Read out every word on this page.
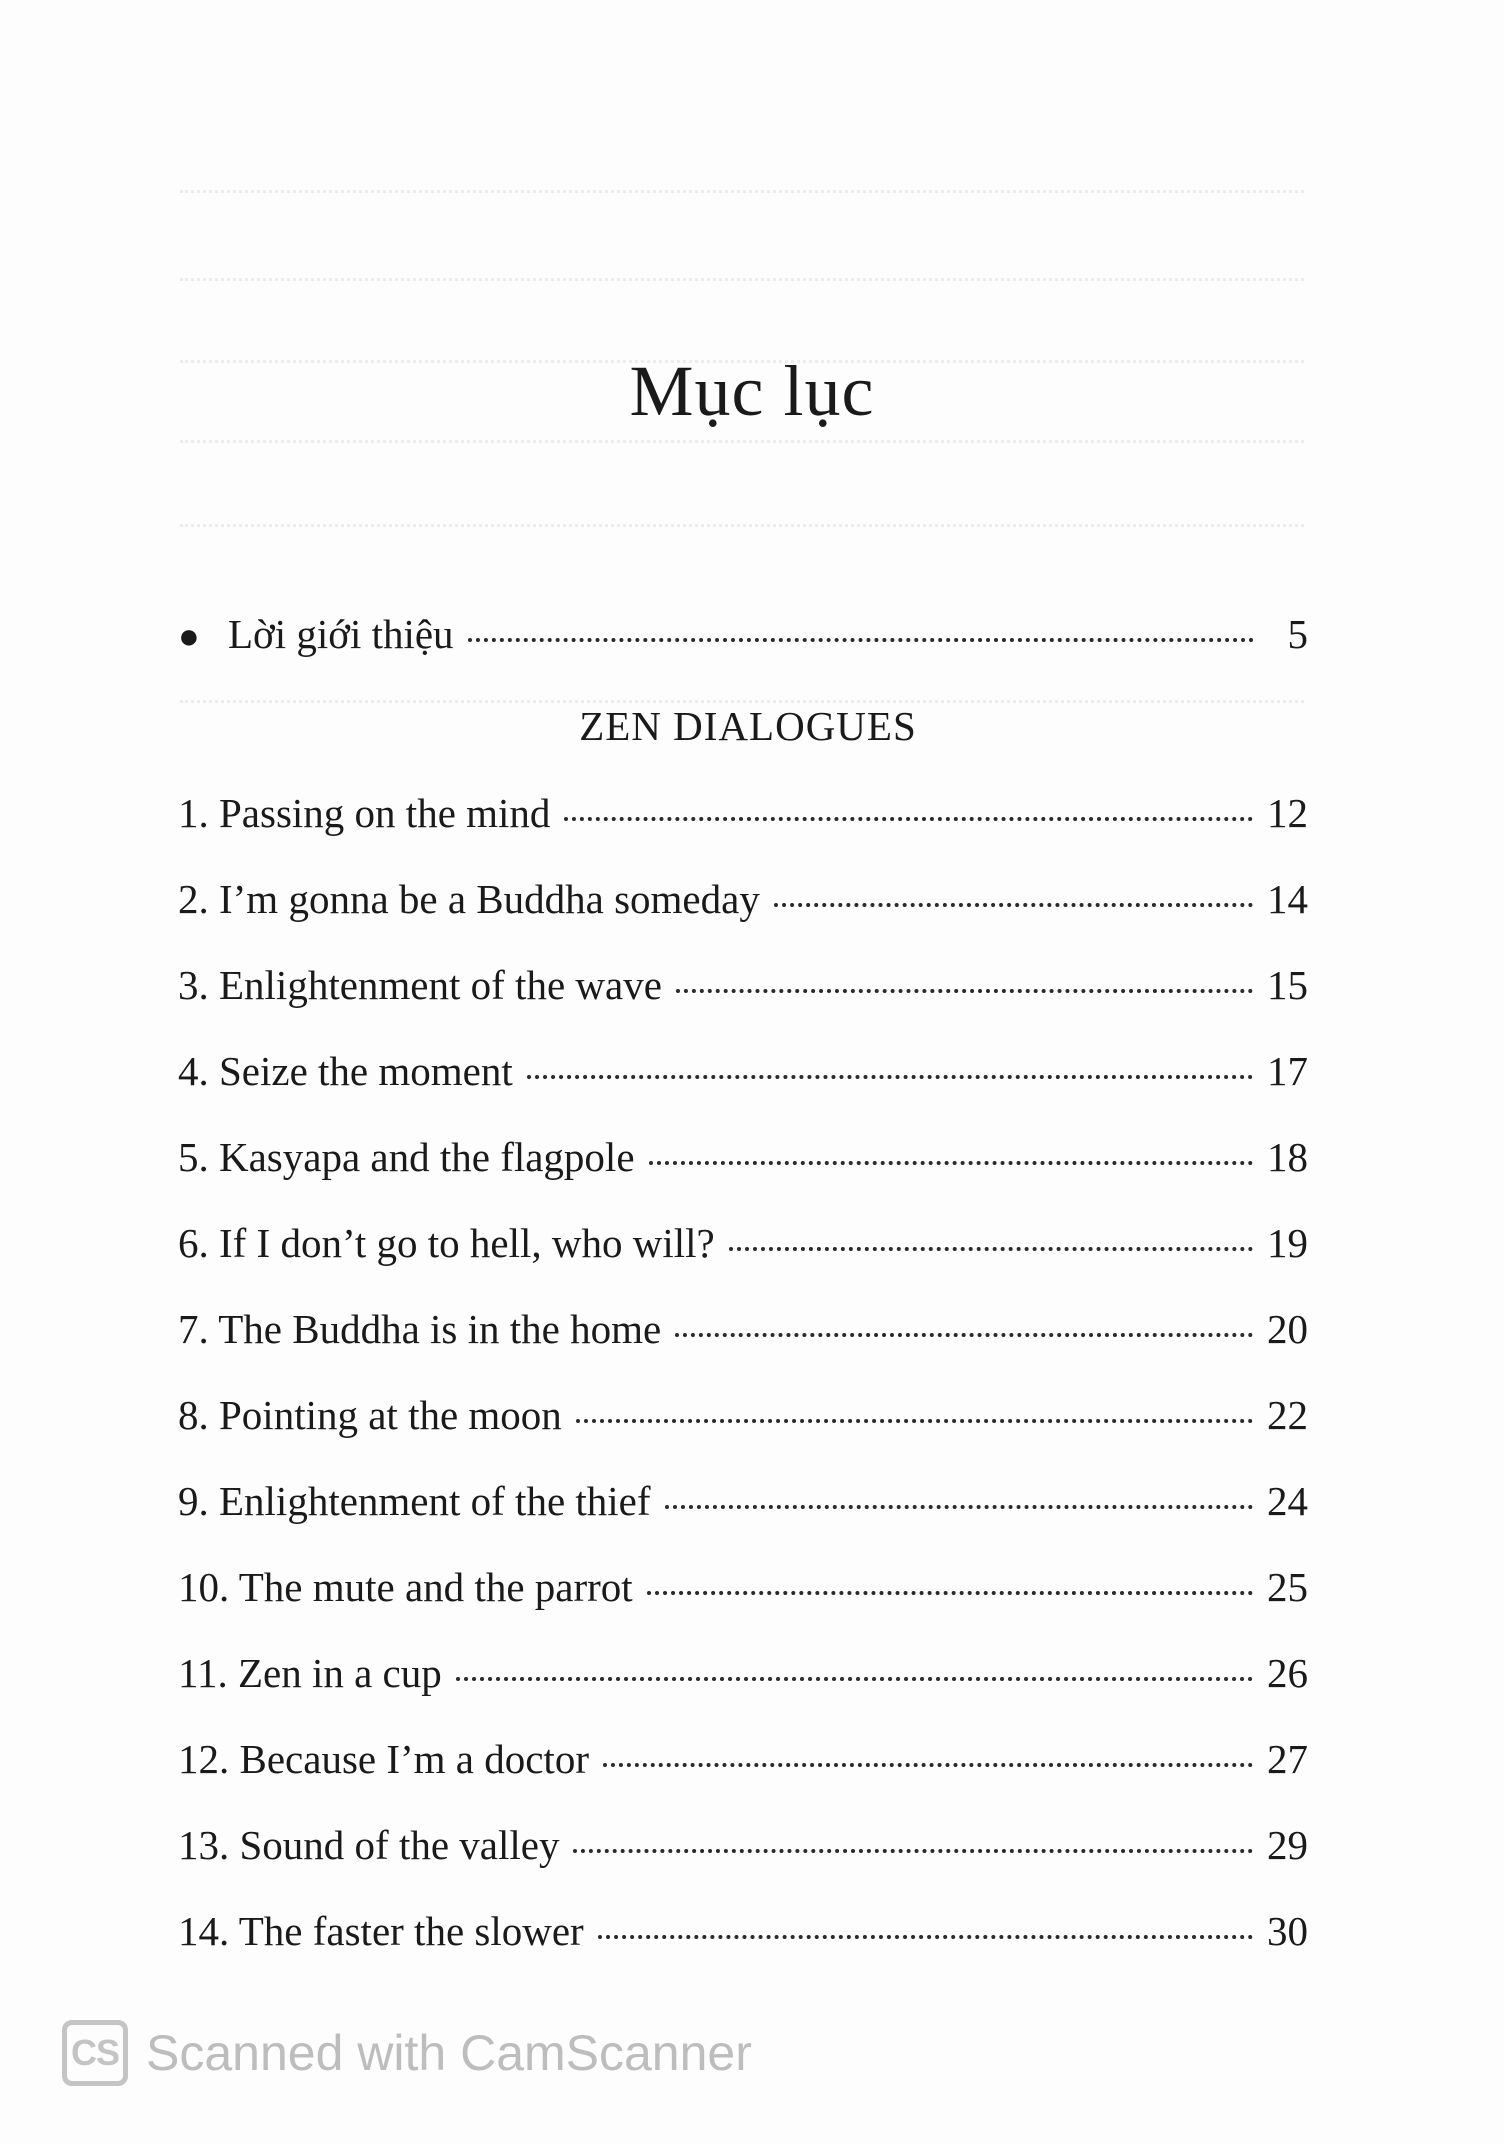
Mục lục
● Lời giới thiệu	5
ZEN DIALOGUES
1. Passing on the mind	12
2. I’m gonna be a Buddha someday	14
3. Enlightenment of the wave	15
4. Seize the moment	17
5. Kasyapa and the flagpole	18
6. If I don’t go to hell, who will?	19
7. The Buddha is in the home	20
8. Pointing at the moon	22
9. Enlightenment of the thief	24
10. The mute and the parrot	25
11. Zen in a cup	26
12. Because I’m a doctor	27
13. Sound of the valley	29
14. The faster the slower	30
CS Scanned with CamScanner
